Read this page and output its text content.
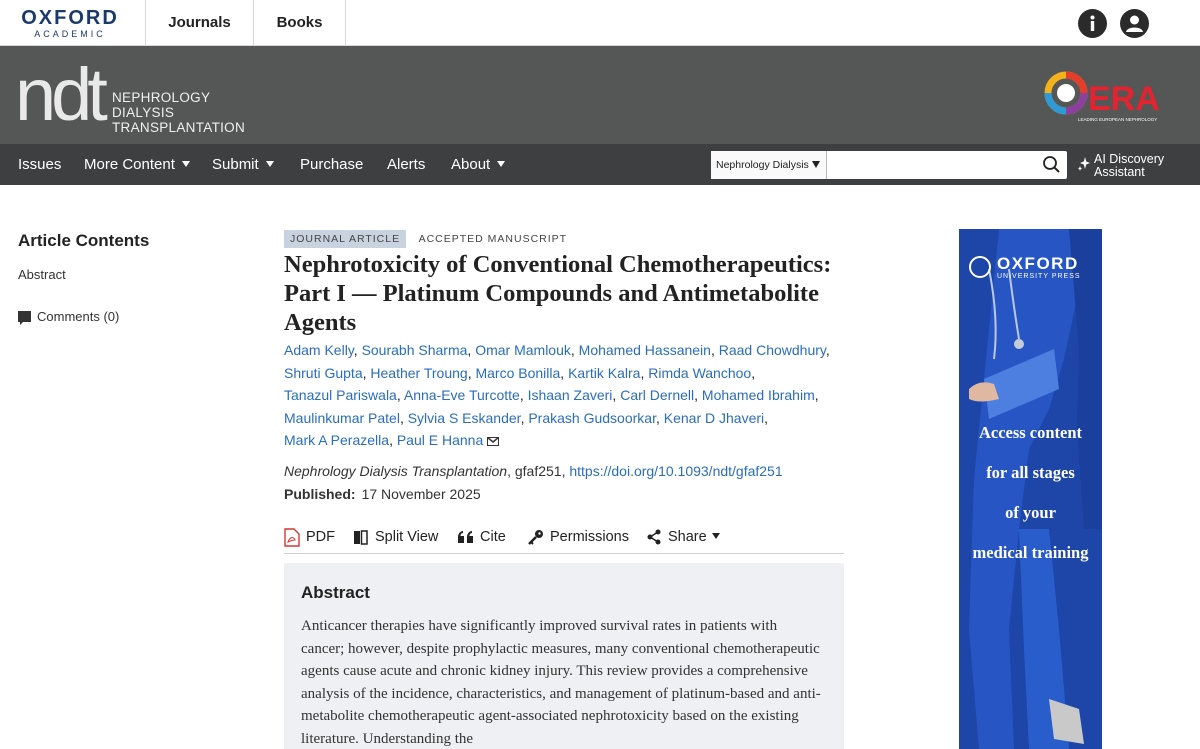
OXFORD
ACADEMIC
Journals	Books
ndt NEPHROLOGY
DIALYSIS
TRANSPLANTATION
ERA
LEADING EUROPEAN NEPHROLOGY
Issues More Content	Submit	Purchase Alerts About	Nephrology Dialysis	AI Discovery
Assistant
Article Contents
Abstract
Comments (0)
JOURNAL ARTICLE ACCEPTED MANUSCRIPT
Nephrotoxicity of Conventional Chemotherapeutics: Part I — Platinum Compounds and Antimetabolite Agents
Adam Kelly, Sourabh Sharma, Omar Mamlouk, Mohamed Hassanein, Raad Chowdhury,
Shruti Gupta, Heather Troung, Marco Bonilla, Kartik Kalra, Rimda Wanchoo,
Tanazul Pariswala, Anna-Eve Turcotte, Ishaan Zaveri, Carl Dernell, Mohamed Ibrahim,
Maulinkumar Patel, Sylvia S Eskander, Prakash Gudsoorkar, Kenar D Jhaveri,
Mark A Perazella, Paul E Hanna
Nephrology Dialysis Transplantation, gfaf251, https://doi.org/10.1093/ndt/gfaf251
Published: 17 November 2025
PDF	Split View	Cite	Permissions	Share
Abstract

Anticancer therapies have significantly improved survival rates in patients with cancer; however, despite prophylactic measures, many conventional chemotherapeutic agents cause acute and chronic kidney injury. This review provides a comprehensive analysis of the incidence, characteristics, and management of platinum-based and anti-metabolite chemotherapeutic agent-associated nephrotoxicity based on the existing literature. Understanding the

OXFORD
UNIVERSITY PRESS
Access content
for all stages
of your
medical training
